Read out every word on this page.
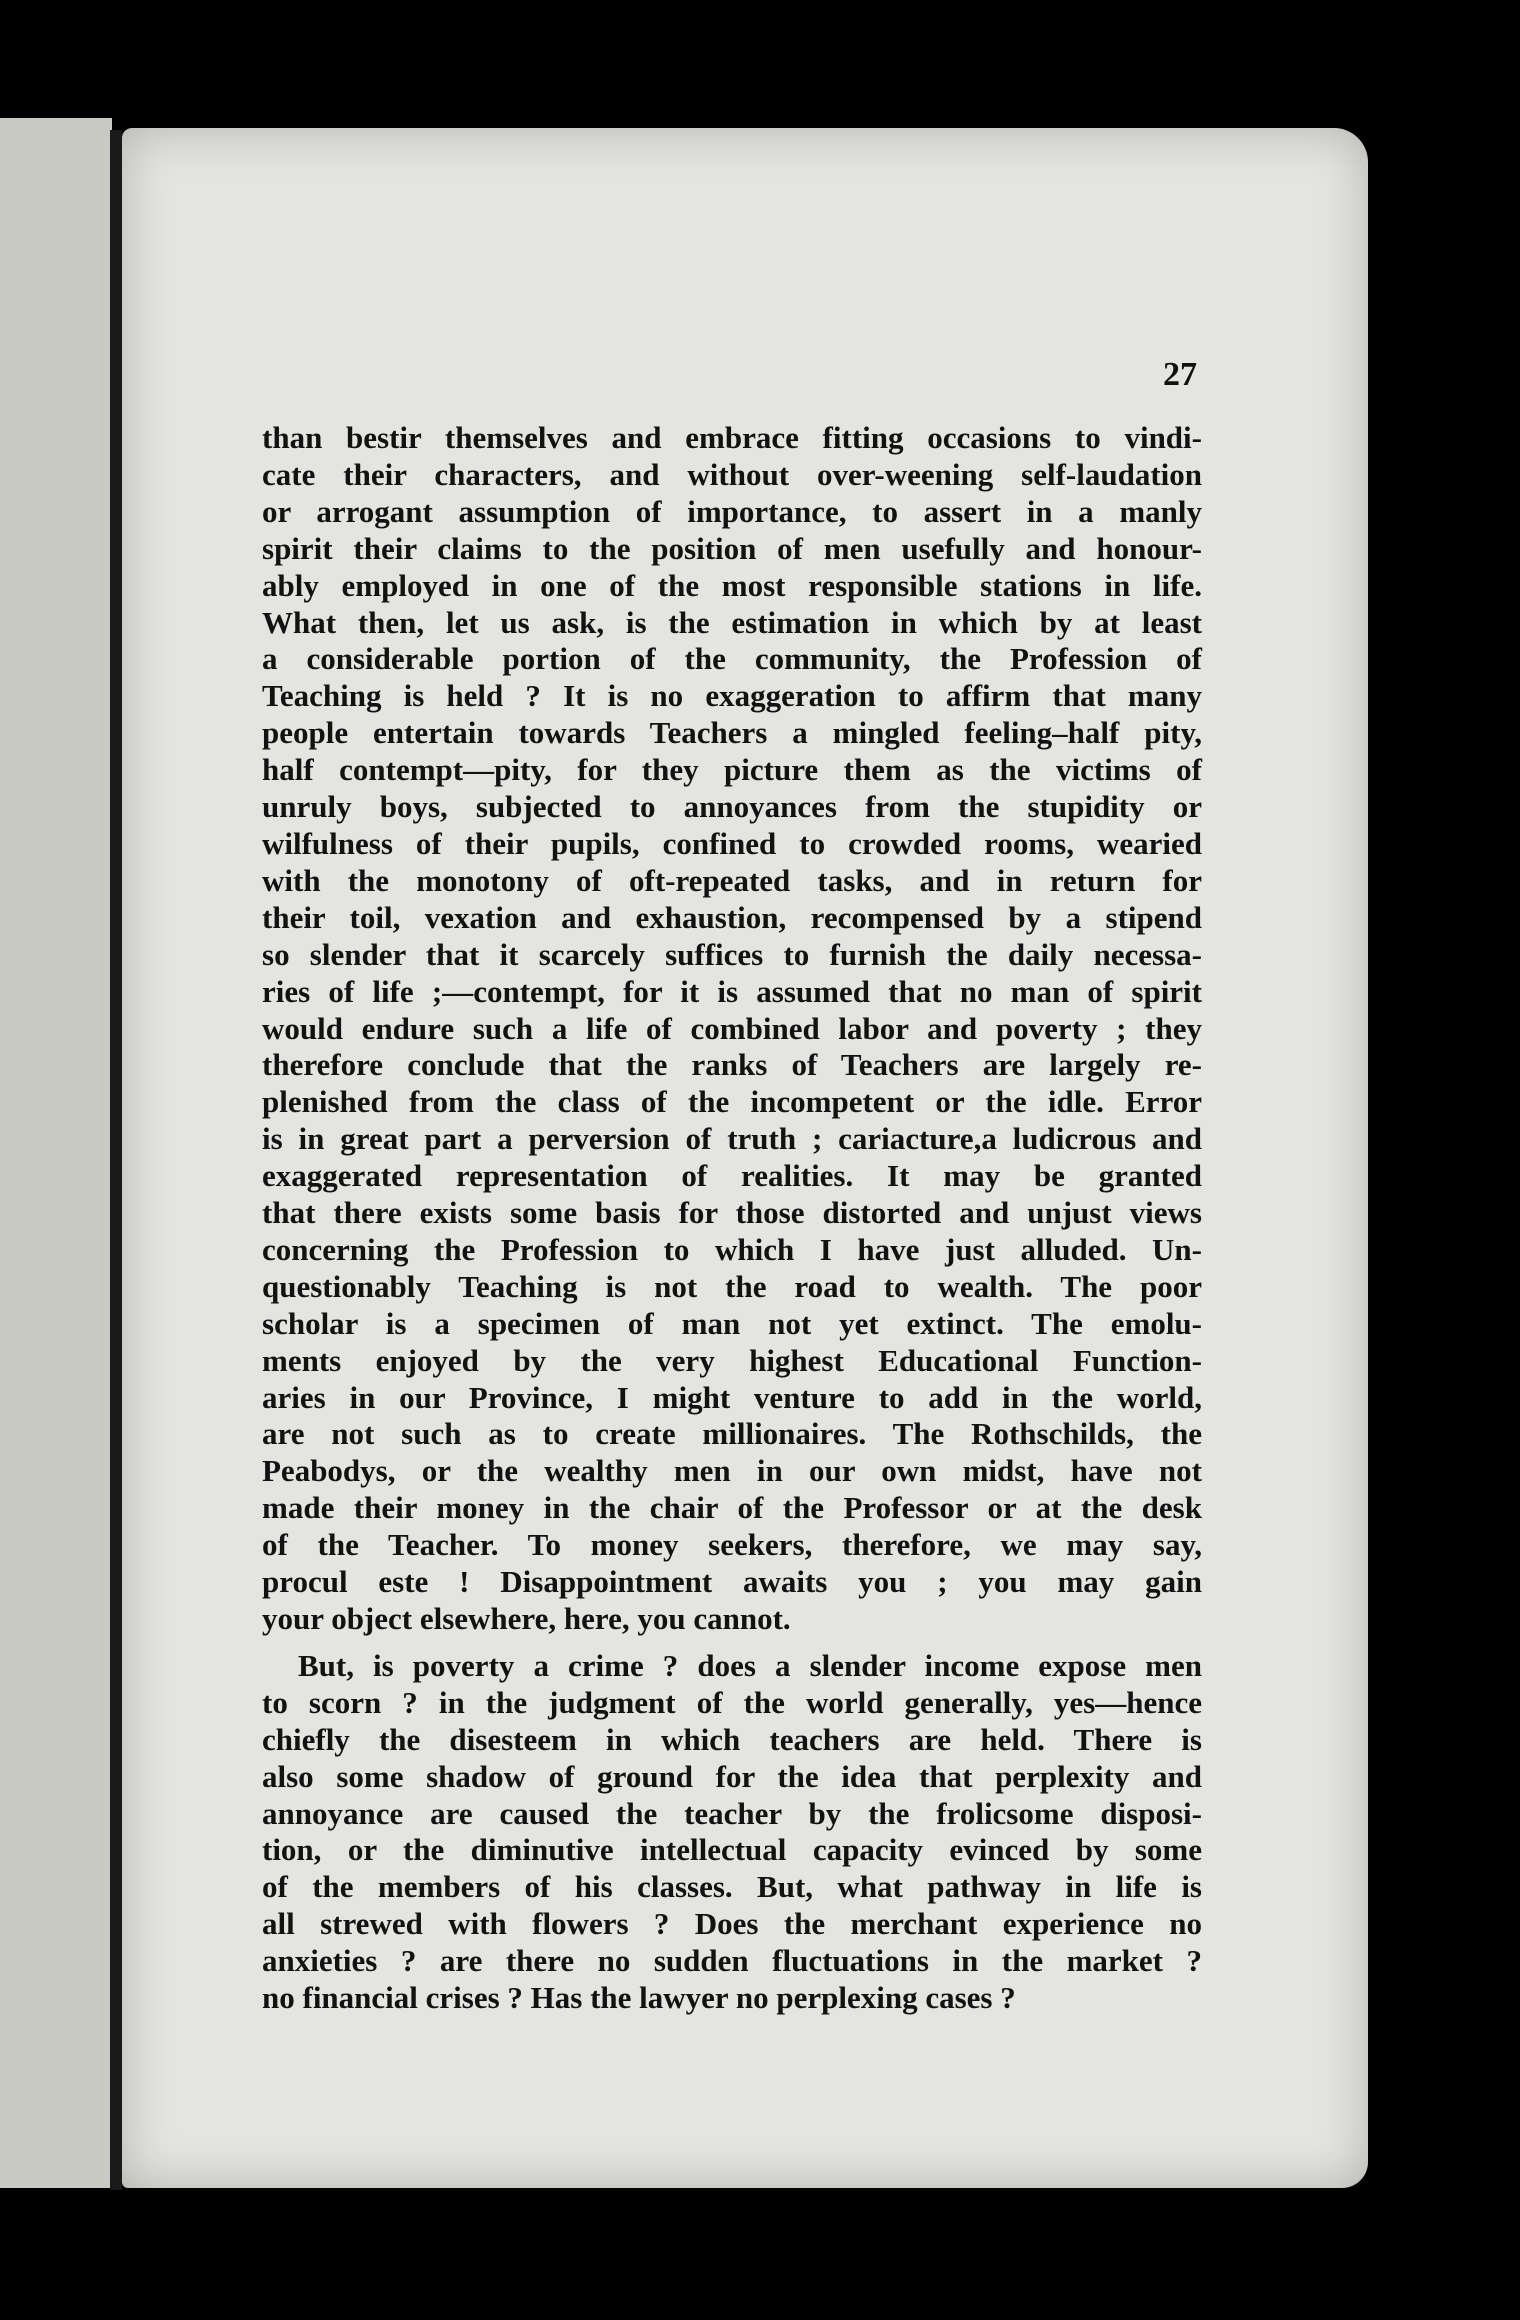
27
than bestir themselves and embrace fitting occasions to vindi-
cate their characters, and without over-weening self-laudation
or arrogant assumption of importance, to assert in a manly
spirit their claims to the position of men usefully and honour-
ably employed in one of the most responsible stations in life.
What then, let us ask, is the estimation in which by at least
a considerable portion of the community, the Profession of
Teaching is held ? It is no exaggeration to affirm that many
people entertain towards Teachers a mingled feeling–half pity,
half contempt—pity, for they picture them as the victims of
unruly boys, subjected to annoyances from the stupidity or
wilfulness of their pupils, confined to crowded rooms, wearied
with the monotony of oft-repeated tasks, and in return for
their toil, vexation and exhaustion, recompensed by a stipend
so slender that it scarcely suffices to furnish the daily necessa-
ries of life ;—contempt, for it is assumed that no man of spirit
would endure such a life of combined labor and poverty ; they
therefore conclude that the ranks of Teachers are largely re-
plenished from the class of the incompetent or the idle. Error
is in great part a perversion of truth ; cariacture,a ludicrous and
exaggerated representation of realities. It may be granted
that there exists some basis for those distorted and unjust views
concerning the Profession to which I have just alluded. Un-
questionably Teaching is not the road to wealth. The poor
scholar is a specimen of man not yet extinct. The emolu-
ments enjoyed by the very highest Educational Function-
aries in our Province, I might venture to add in the world,
are not such as to create millionaires. The Rothschilds, the
Peabodys, or the wealthy men in our own midst, have not
made their money in the chair of the Professor or at the desk
of the Teacher. To money seekers, therefore, we may say,
procul este ! Disappointment awaits you ; you may gain
your object elsewhere, here, you cannot.
But, is poverty a crime ? does a slender income expose men
to scorn ? in the judgment of the world generally, yes—hence
chiefly the disesteem in which teachers are held. There is
also some shadow of ground for the idea that perplexity and
annoyance are caused the teacher by the frolicsome disposi-
tion, or the diminutive intellectual capacity evinced by some
of the members of his classes. But, what pathway in life is
all strewed with flowers ? Does the merchant experience no
anxieties ? are there no sudden fluctuations in the market ?
no financial crises ? Has the lawyer no perplexing cases ?
